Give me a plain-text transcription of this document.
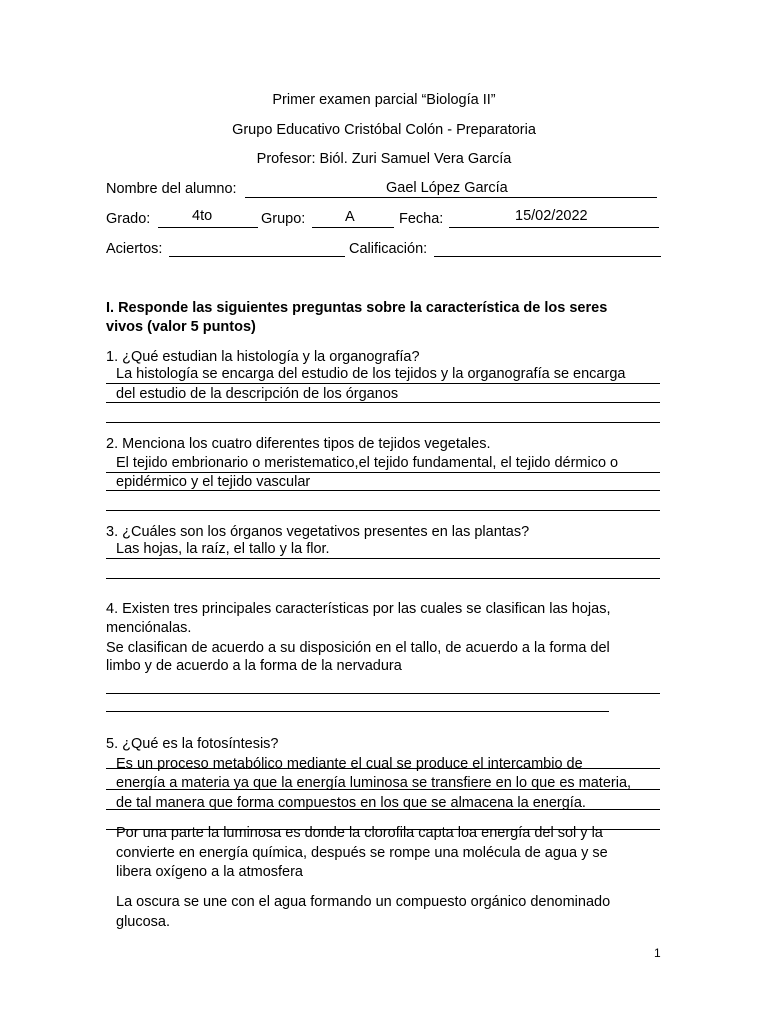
Primer examen parcial “Biología II”
Grupo Educativo Cristóbal Colón - Preparatoria
Profesor: Biól. Zuri Samuel Vera García
Nombre del alumno:	Gael López García
Grado:	4to	Grupo:	A	Fecha:	15/02/2022
Aciertos:	Calificación:
I. Responde las siguientes preguntas sobre la característica de los seres
vivos (valor 5 puntos)
1. ¿Qué estudian la histología y la organografía?
La histología se encarga del estudio de los tejidos y la organografía se encarga
del estudio de la descripción de los órganos
2. Menciona los cuatro diferentes tipos de tejidos vegetales.
El tejido embrionario o meristematico,el tejido fundamental, el tejido dérmico o
epidérmico y el tejido vascular
3. ¿Cuáles son los órganos vegetativos presentes en las plantas?
Las hojas, la raíz, el tallo y la flor.
4. Existen tres principales características por las cuales se clasifican las hojas,
menciónalas.
Se clasifican de acuerdo a su disposición en el tallo, de acuerdo a la forma del
limbo y de acuerdo a la forma de la nervadura
5. ¿Qué es la fotosíntesis?
Es un proceso metabólico mediante el cual se produce el intercambio de
energía a materia ya que la energía luminosa se transfiere en lo que es materia,
de tal manera que forma compuestos en los que se almacena la energía.
Por una parte la luminosa es donde la clorofila capta loa energía del sol y la
convierte en energía química, después se rompe una molécula de agua y se
libera oxígeno a la atmosfera
La oscura se une con el agua formando un compuesto orgánico denominado
glucosa.
1
